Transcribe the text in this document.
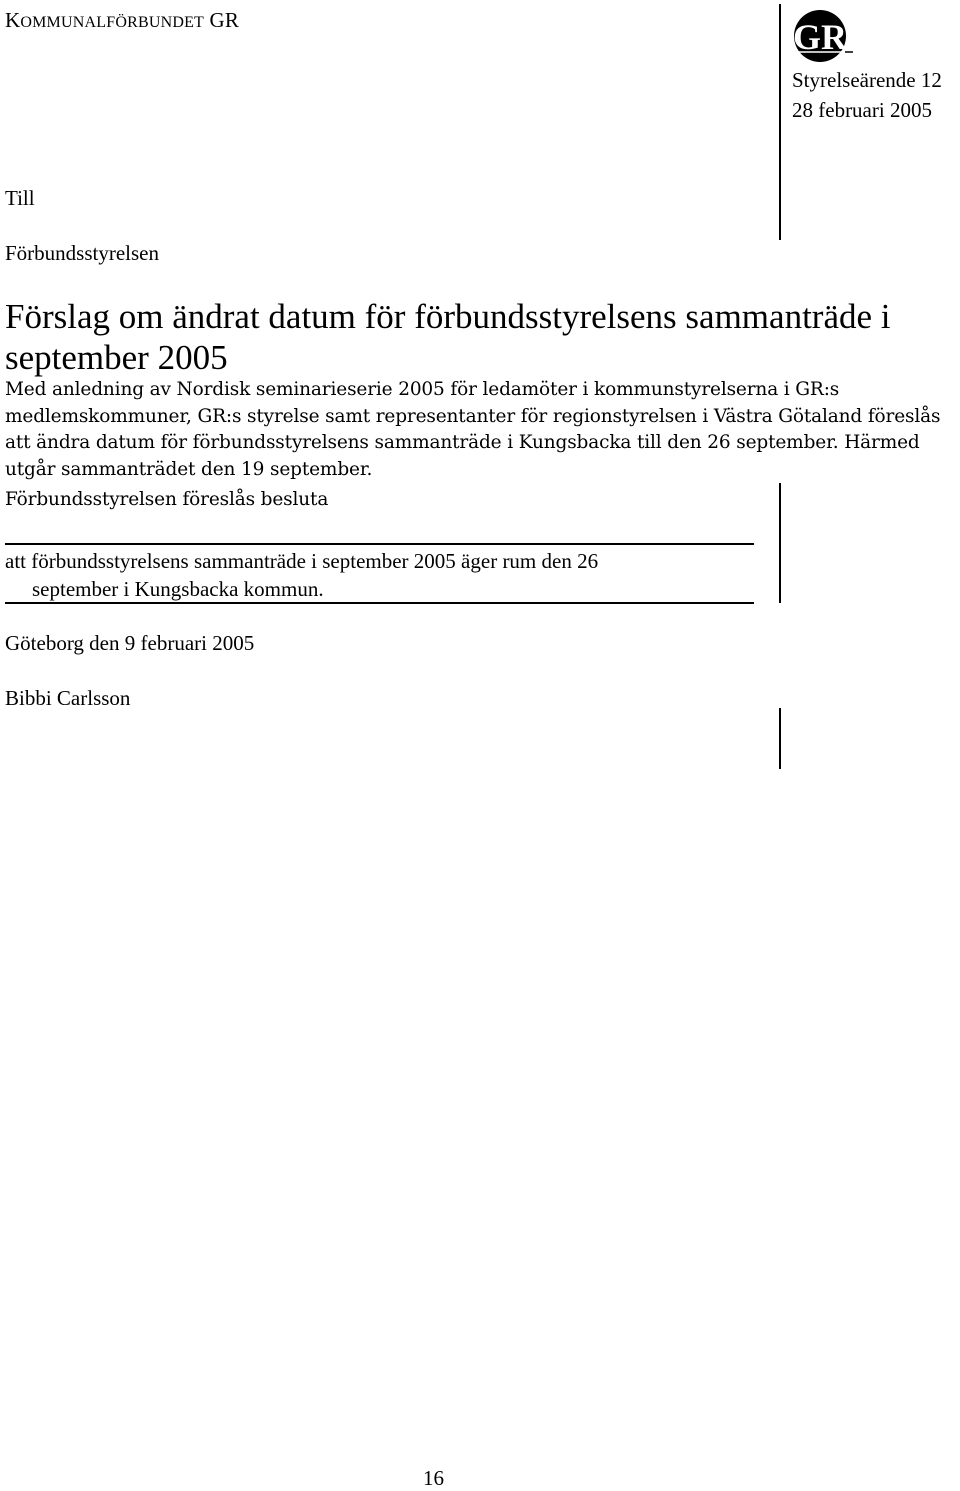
KOMMUNALFÖRBUNDET GR	GR
Styrelseärende 12
28 februari 2005
Till
Förbundsstyrelsen
Förslag om ändrat datum för förbundsstyrelsens sammanträde i september 2005
Med anledning av Nordisk seminarieserie 2005 för ledamöter i kommunstyrelserna i GR:s medlemskommuner, GR:s styrelse samt representanter för regionstyrelsen i Västra Götaland föreslås att ändra datum för förbundsstyrelsens sammanträde i Kungsbacka till den 26 september. Härmed utgår sammanträdet den 19 september.
Förbundsstyrelsen föreslås besluta
att förbundsstyrelsens sammanträde i september 2005 äger rum den 26
september i Kungsbacka kommun.
Göteborg den 9 februari 2005
Bibbi Carlsson
16
